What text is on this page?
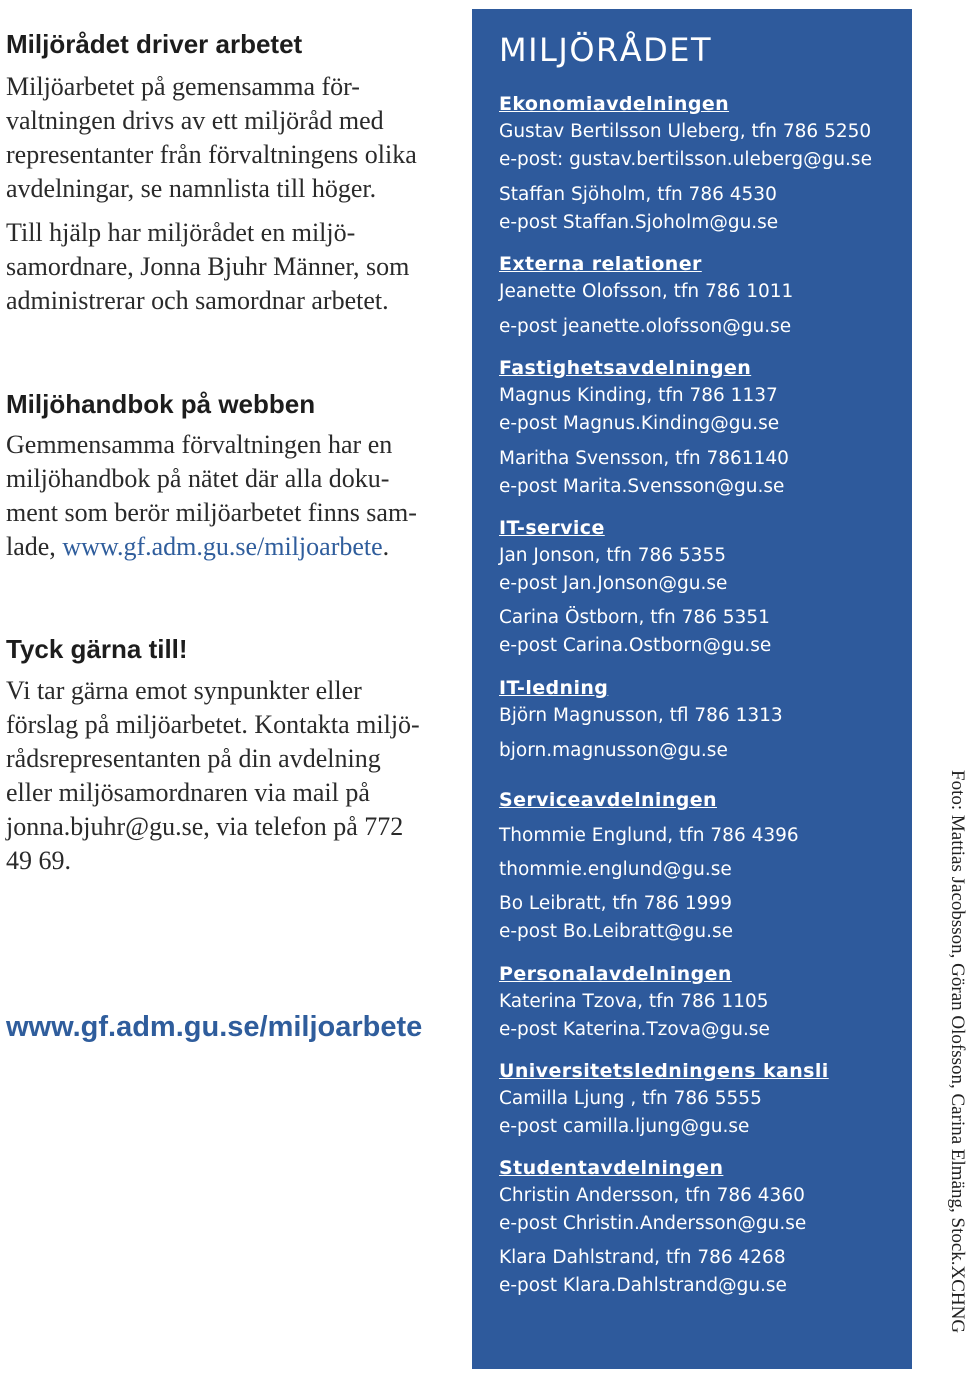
Miljörådet driver arbetet
Miljöarbetet på gemensamma för-
valtningen drivs av ett miljöråd med
representanter från förvaltningens olika
avdelningar, se namnlista till höger.
Till hjälp har miljörådet en miljö-
samordnare, Jonna Bjuhr Männer, som
administrerar och samordnar arbetet.
Miljöhandbok på webben
Gemmensamma förvaltningen har en
miljöhandbok på nätet där alla doku-
ment som berör miljöarbetet finns sam-
lade, www.gf.adm.gu.se/miljoarbete.
Tyck gärna till!
Vi tar gärna emot synpunkter eller
förslag på miljöarbetet. Kontakta miljö-
rådsrepresentanten på din avdelning
eller miljösamordnaren via mail på
jonna.bjuhr@gu.se, via telefon på 772
49 69.
www.gf.adm.gu.se/miljoarbete
MILJÖRÅDET
Ekonomiavdelningen
Gustav Bertilsson Uleberg, tfn 786 5250
e-post: gustav.bertilsson.uleberg@gu.se
Staffan Sjöholm, tfn 786 4530
e-post Staffan.Sjoholm@gu.se
Externa relationer
Jeanette Olofsson, tfn 786 1011
e-post jeanette.olofsson@gu.se
Fastighetsavdelningen
Magnus Kinding, tfn 786 1137
e-post Magnus.Kinding@gu.se
Maritha Svensson, tfn 7861140
e-post Marita.Svensson@gu.se
IT-service
Jan Jonson, tfn 786 5355
e-post Jan.Jonson@gu.se
Carina Östborn, tfn 786 5351
e-post Carina.Ostborn@gu.se
IT-ledning
Björn Magnusson, tfl 786 1313
bjorn.magnusson@gu.se
Serviceavdelningen
Thommie Englund, tfn 786 4396
thommie.englund@gu.se
Bo Leibratt, tfn 786 1999
e-post Bo.Leibratt@gu.se
Personalavdelningen
Katerina Tzova, tfn 786 1105
e-post Katerina.Tzova@gu.se
Universitetsledningens kansli
Camilla Ljung , tfn 786 5555
e-post camilla.ljung@gu.se
Studentavdelningen
Christin Andersson, tfn 786 4360
e-post Christin.Andersson@gu.se
Klara Dahlstrand, tfn 786 4268
e-post Klara.Dahlstrand@gu.se	Foto: Mattias Jacobsson, Göran Olofsson, Carina Elmäng, Stock.XCHNG
